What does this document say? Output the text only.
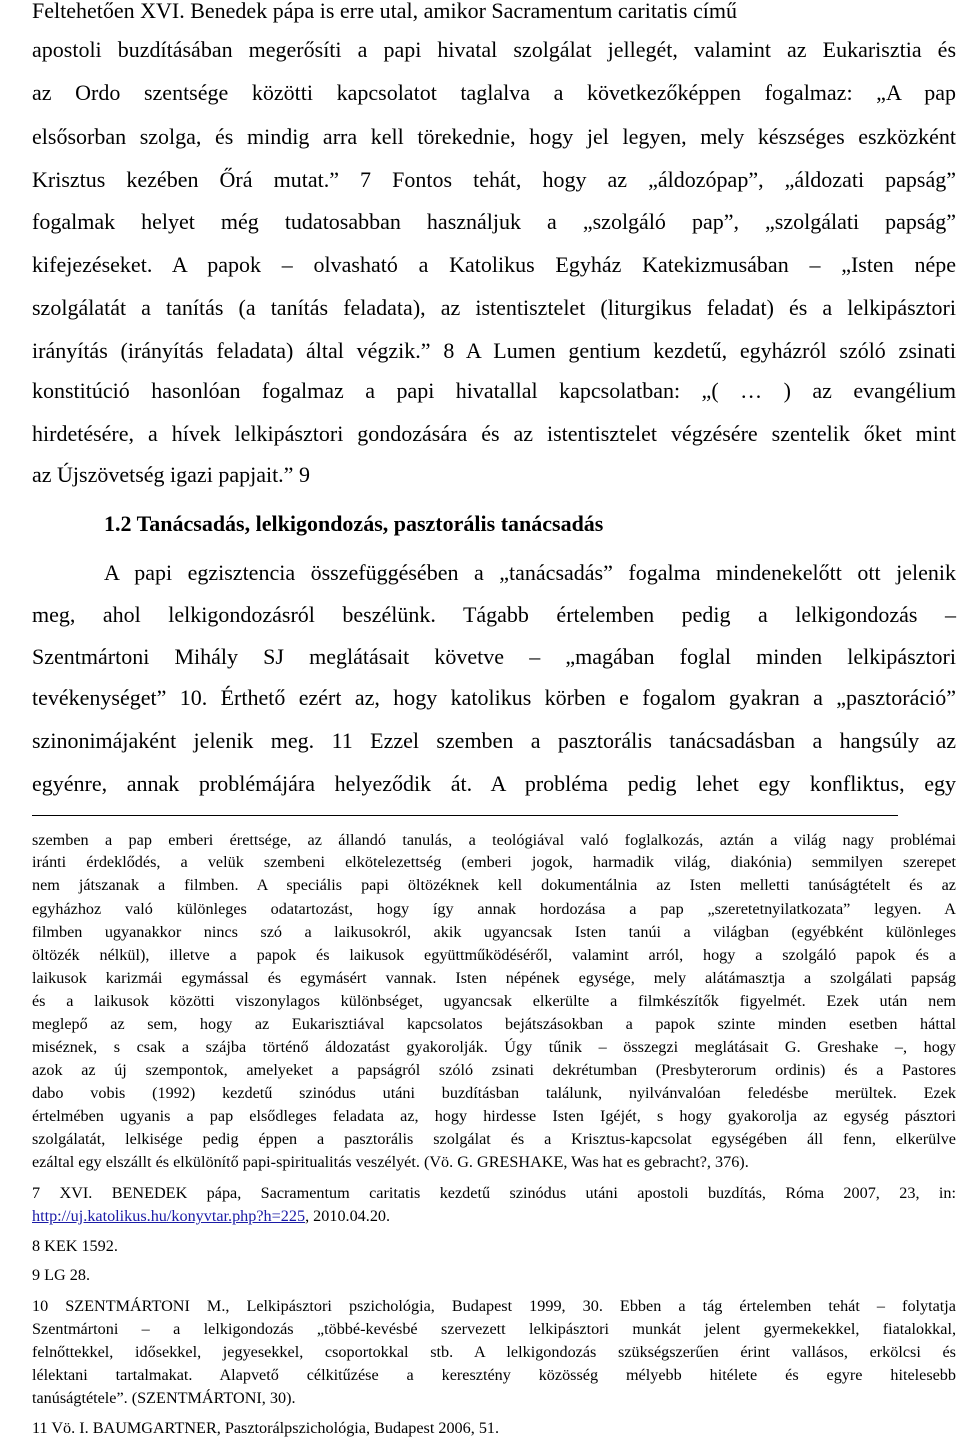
Feltehetően XVI. Benedek pápa is erre utal, amikor Sacramentum caritatis című
apostoli buzdításában megerősíti a papi hivatal szolgálat jellegét, valamint az Eukarisztia és
az Ordo szentsége közötti kapcsolatot taglalva a következőképpen fogalmaz: „A pap
elsősorban szolga, és mindig arra kell törekednie, hogy jel legyen, mely készséges eszközként
Krisztus kezében Őrá mutat.” 7 Fontos tehát, hogy az „áldozópap”, „áldozati papság”
fogalmak helyet még tudatosabban használjuk a „szolgáló pap”, „szolgálati papság”
kifejezéseket. A papok – olvasható a Katolikus Egyház Katekizmusában – „Isten népe
szolgálatát a tanítás (a tanítás feladata), az istentisztelet (liturgikus feladat) és a lelkipásztori
irányítás (irányítás feladata) által végzik.” 8 A Lumen gentium kezdetű, egyházról szóló zsinati
konstitúció hasonlóan fogalmaz a papi hivatallal kapcsolatban: „( … ) az evangélium
hirdetésére, a hívek lelkipásztori gondozására és az istentisztelet végzésére szentelik őket mint
az Újszövetség igazi papjait.” 9
1.2 Tanácsadás, lelkigondozás, pasztorális tanácsadás
A papi egzisztencia összefüggésében a „tanácsadás” fogalma mindenekelőtt ott jelenik
meg, ahol lelkigondozásról beszélünk. Tágabb értelemben pedig a lelkigondozás –
Szentmártoni Mihály SJ meglátásait követve – „magában foglal minden lelkipásztori
tevékenységet” 10. Érthető ezért az, hogy katolikus körben e fogalom gyakran a „pasztoráció”
szinonimájaként jelenik meg. 11 Ezzel szemben a pasztorális tanácsadásban a hangsúly az
egyénre, annak problémájára helyeződik át. A probléma pedig lehet egy konfliktus, egy
szemben a pap emberi érettsége, az állandó tanulás, a teológiával való foglalkozás, aztán a világ nagy problémai
iránti érdeklődés, a velük szembeni elkötelezettség (emberi jogok, harmadik világ, diakónia) semmilyen szerepet
nem játszanak a filmben. A speciális papi öltözéknek kell dokumentálnia az Isten melletti tanúságtételt és az
egyházhoz való különleges odatartozást, hogy így annak hordozása a pap „szeretetnyilatkozata” legyen. A
filmben ugyanakkor nincs szó a laikusokról, akik ugyancsak Isten tanúi a világban (egyébként különleges
öltözék nélkül), illetve a papok és laikusok együttműködéséről, valamint arról, hogy a szolgáló papok és a
laikusok karizmái egymással és egymásért vannak. Isten népének egysége, mely alátámasztja a szolgálati papság
és a laikusok közötti viszonylagos különbséget, ugyancsak elkerülte a filmkészítők figyelmét. Ezek után nem
meglepő az sem, hogy az Eukarisztiával kapcsolatos bejátszásokban a papok szinte minden esetben háttal
miséznek, s csak a szájba történő áldozatást gyakorolják. Úgy tűnik – összegzi meglátásait G. Greshake –, hogy
azok az új szempontok, amelyeket a papságról szóló zsinati dekrétumban (Presbyterorum ordinis) és a Pastores
dabo vobis (1992) kezdetű szinódus utáni buzdításban találunk, nyilvánvalóan feledésbe merültek. Ezek
értelmében ugyanis a pap elsődleges feladata az, hogy hirdesse Isten Igéjét, s hogy gyakorolja az egység pásztori
szolgálatát, lelkisége pedig éppen a pasztorális szolgálat és a Krisztus-kapcsolat egységében áll fenn, elkerülve
ezáltal egy elszállt és elkülönítő papi-spiritualitás veszélyét. (Vö. G. GRESHAKE, Was hat es gebracht?, 376).
7 XVI. BENEDEK pápa, Sacramentum caritatis kezdetű szinódus utáni apostoli buzdítás, Róma 2007, 23, in:
http://uj.katolikus.hu/konyvtar.php?h=225, 2010.04.20.
8 KEK 1592.
9 LG 28.
10 SZENTMÁRTONI M., Lelkipásztori pszichológia, Budapest 1999, 30. Ebben a tág értelemben tehát – folytatja
Szentmártoni – a lelkigondozás „többé-kevésbé szervezett lelkipásztori munkát jelent gyermekekkel, fiatalokkal,
felnőttekkel, idősekkel, jegyesekkel, csoportokkal stb. A lelkigondozás szükségszerűen érint vallásos, erkölcsi és
lélektani tartalmakat. Alapvető célkitűzése a keresztény közösség mélyebb hitélete és egyre hitelesebb
tanúságtétele”. (SZENTMÁRTONI, 30).
11 Vö. I. BAUMGARTNER, Pasztorálpszichológia, Budapest 2006, 51.
